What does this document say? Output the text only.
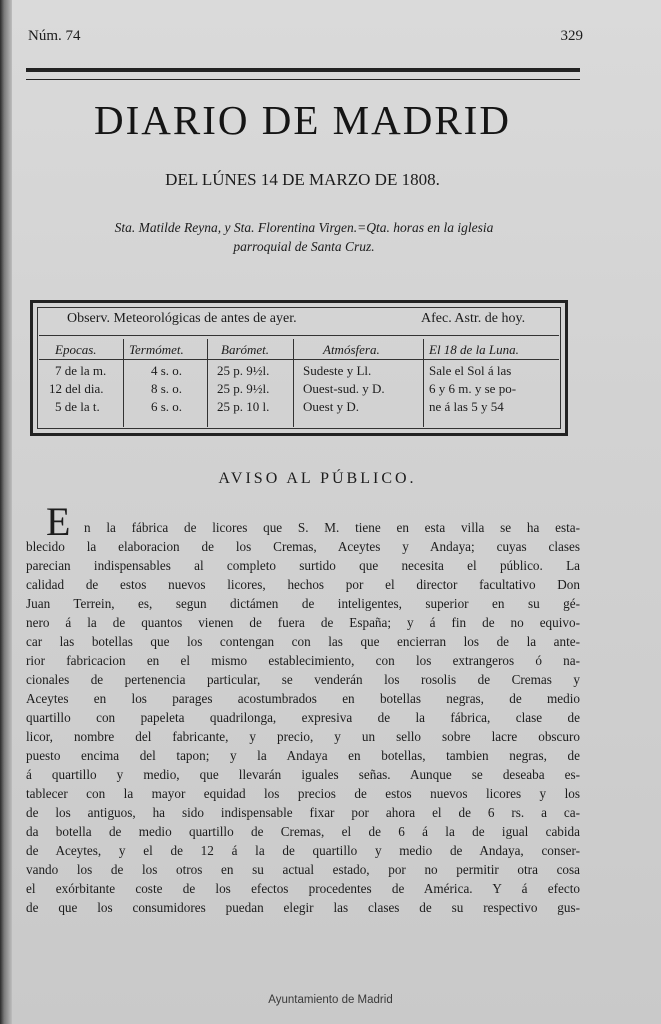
Núm. 74	329
DIARIO DE MADRID
DEL LÚNES 14 DE MARZO DE 1808.
Sta. Matilde Reyna, y Sta. Florentina Virgen.=Qta. horas en la iglesia
parroquial de Santa Cruz.
Observ. Meteorológicas de antes de ayer.	Afec. Astr. de hoy.
Epocas.
7 de la m.
12 del dia.
5 de la t.
Termómet.
4 s. o.
8 s. o.
6 s. o.
Barómet.
25 p. 9½l.
25 p. 9½l.
25 p. 10 l.
Atmósfera.
Sudeste y Ll.
Ouest-sud. y D.
Ouest y D.
El 18 de la Luna.
Sale el Sol á las
6 y 6 m. y se po-
ne á las 5 y 54
AVISO AL PÚBLICO.
E n la fábrica de licores que S. M. tiene en esta villa se ha esta-
blecido la elaboracion de los Cremas, Aceytes y Andaya; cuyas clases
parecian indispensables al completo surtido que necesita el público. La
calidad de estos nuevos licores, hechos por el director facultativo Don
Juan Terrein, es, segun dictámen de inteligentes, superior en su gé-
nero á la de quantos vienen de fuera de España; y á fin de no equivo-
car las botellas que los contengan con las que encierran los de la ante-
rior fabricacion en el mismo establecimiento, con los extrangeros ó na-
cionales de pertenencia particular, se venderán los rosolis de Cremas y
Aceytes en los parages acostumbrados en botellas negras, de medio
quartillo con papeleta quadrilonga, expresiva de la fábrica, clase de
licor, nombre del fabricante, y precio, y un sello sobre lacre obscuro
puesto encima del tapon; y la Andaya en botellas, tambien negras, de
á quartillo y medio, que llevarán iguales señas. Aunque se deseaba es-
tablecer con la mayor equidad los precios de estos nuevos licores y los
de los antiguos, ha sido indispensable fixar por ahora el de 6 rs. a ca-
da botella de medio quartillo de Cremas, el de 6 á la de igual cabida
de Aceytes, y el de 12 á la de quartillo y medio de Andaya, conser-
vando los de los otros en su actual estado, por no permitir otra cosa
el exórbitante coste de los efectos procedentes de América. Y á efecto
de que los consumidores puedan elegir las clases de su respectivo gus-
Ayuntamiento de Madrid
